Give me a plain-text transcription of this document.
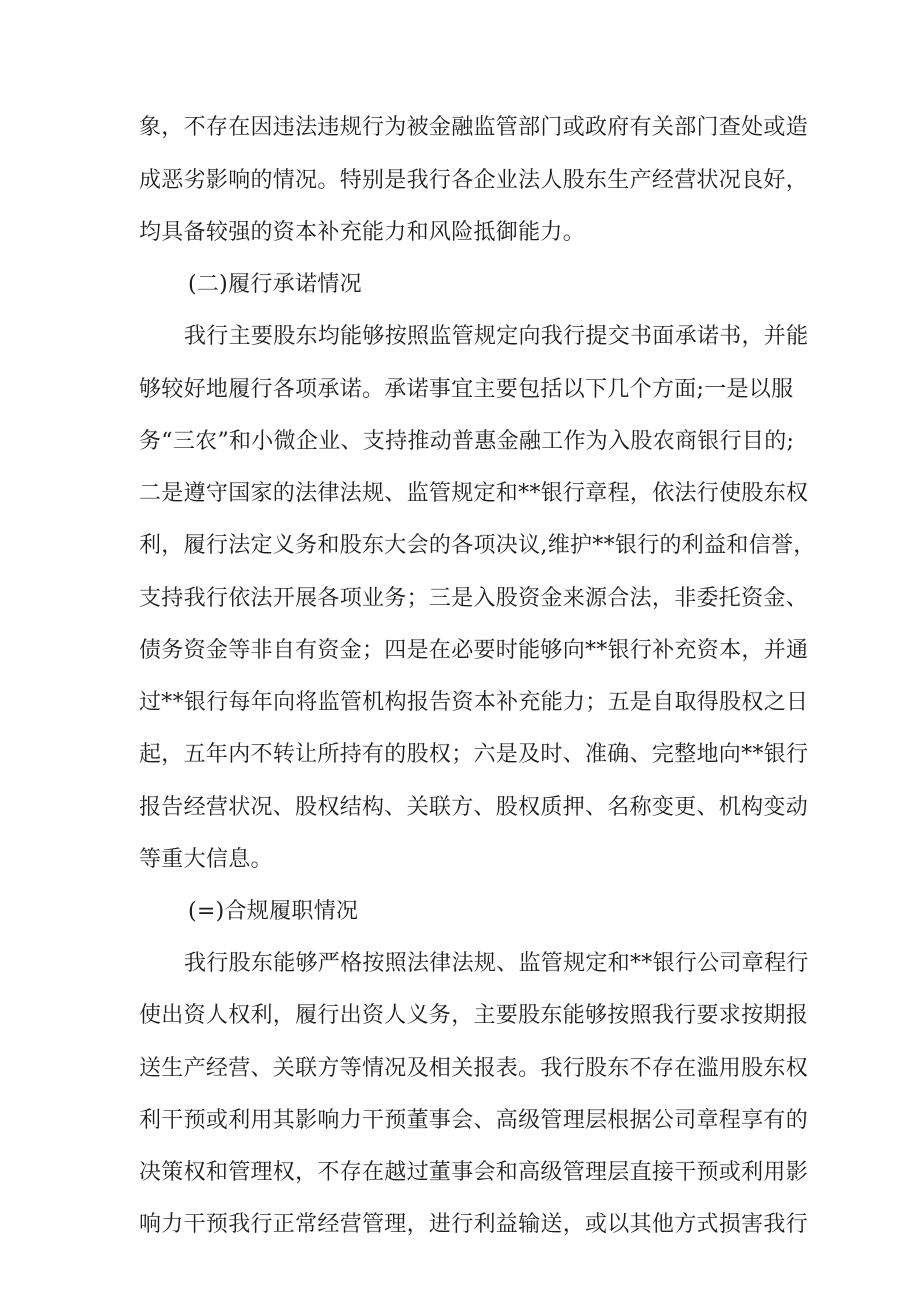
象，不存在因违法违规行为被金融监管部门或政府有关部门查处或造

成恶劣影响的情况。特别是我行各企业法人股东生产经营状况良好，

均具备较强的资本补充能力和风险抵御能力。

(二)履行承诺情况

我行主要股东均能够按照监管规定向我行提交书面承诺书，并能

够较好地履行各项承诺。承诺事宜主要包括以下几个方面;一是以服

务“三农”和小微企业、支持推动普惠金融工作为入股农商银行目的;

二是遵守国家的法律法规、监管规定和**银行章程，依法行使股东权

利，履行法定义务和股东大会的各项决议,维护**银行的利益和信誉，

支持我行依法开展各项业务；三是入股资金来源合法，非委托资金、

债务资金等非自有资金；四是在必要时能够向**银行补充资本，并通

过**银行每年向将监管机构报告资本补充能力；五是自取得股权之日

起，五年内不转让所持有的股权；六是及时、准确、完整地向**银行

报告经营状况、股权结构、关联方、股权质押、名称变更、机构变动

等重大信息。

(=)合规履职情况

我行股东能够严格按照法律法规、监管规定和**银行公司章程行

使出资人权利，履行出资人义务，主要股东能够按照我行要求按期报

送生产经营、关联方等情况及相关报表。我行股东不存在滥用股东权

利干预或利用其影响力干预董事会、高级管理层根据公司章程享有的

决策权和管理权，不存在越过董事会和高级管理层直接干预或利用影

响力干预我行正常经营管理，进行利益输送，或以其他方式损害我行
